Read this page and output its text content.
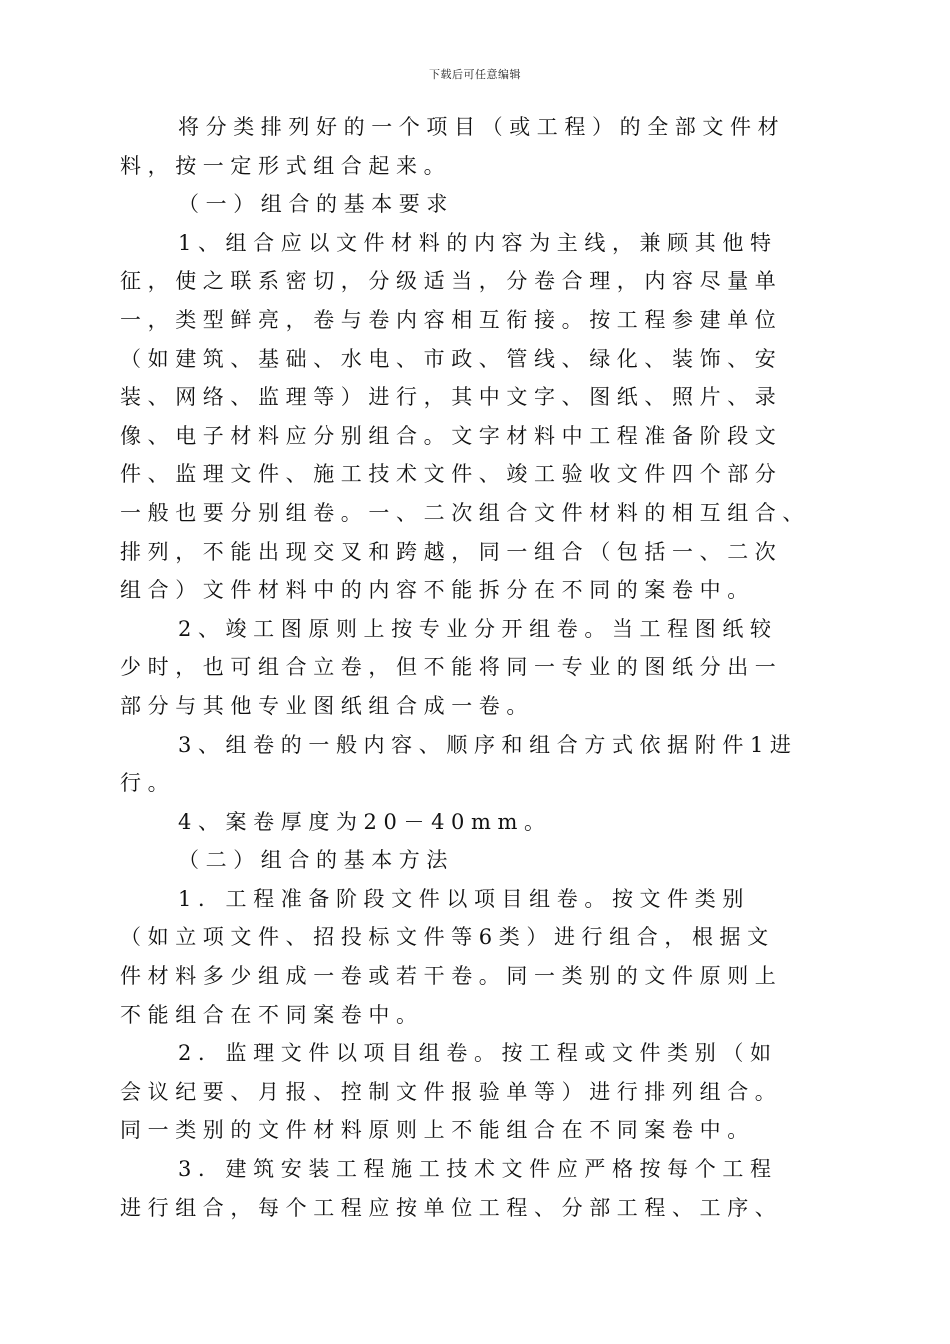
下载后可任意编辑
将分类排列好的一个项目（或工程）的全部文件材
料，按一定形式组合起来。
（一）组合的基本要求
1、组合应以文件材料的内容为主线，兼顾其他特
征，使之联系密切，分级适当，分卷合理，内容尽量单
一，类型鲜亮，卷与卷内容相互衔接。按工程参建单位
（如建筑、基础、水电、市政、管线、绿化、装饰、安
装、网络、监理等）进行，其中文字、图纸、照片、录
像、电子材料应分别组合。文字材料中工程准备阶段文
件、监理文件、施工技术文件、竣工验收文件四个部分
一般也要分别组卷。一、二次组合文件材料的相互组合、
排列，不能出现交叉和跨越，同一组合（包括一、二次
组合）文件材料中的内容不能拆分在不同的案卷中。
2、竣工图原则上按专业分开组卷。当工程图纸较
少时，也可组合立卷，但不能将同一专业的图纸分出一
部分与其他专业图纸组合成一卷。
3、组卷的一般内容、顺序和组合方式依据附件1进
行。
4、案卷厚度为20－40mm。
（二）组合的基本方法
1．工程准备阶段文件以项目组卷。按文件类别
（如立项文件、招投标文件等6类）进行组合，根据文
件材料多少组成一卷或若干卷。同一类别的文件原则上
不能组合在不同案卷中。
2．监理文件以项目组卷。按工程或文件类别（如
会议纪要、月报、控制文件报验单等）进行排列组合。
同一类别的文件材料原则上不能组合在不同案卷中。
3．建筑安装工程施工技术文件应严格按每个工程
进行组合，每个工程应按单位工程、分部工程、工序、
